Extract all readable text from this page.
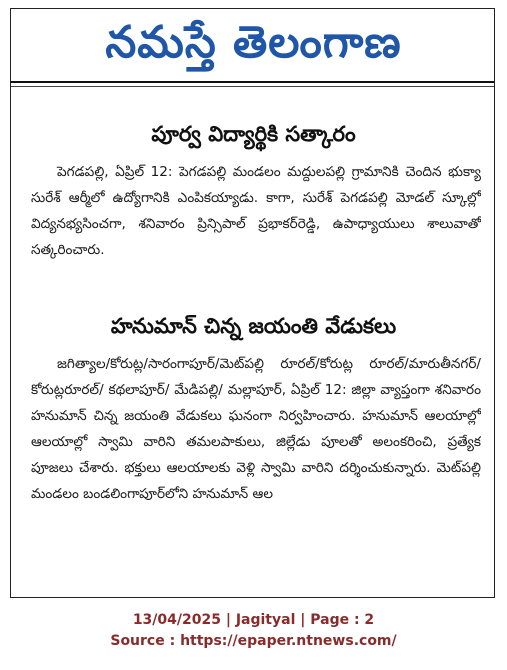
నమస్తే తెలంగాణ
పూర్వ విద్యార్థికి సత్కారం

పెగడపల్లి, ఏప్రిల్ 12: పెగడపల్లి మండలం మద్దులపల్లి గ్రామానికి చెందిన భుక్యా సురేశ్ ఆర్మీలో ఉద్యోగానికి ఎంపికయ్యాడు. కాగా, సురేశ్ పెగడపల్లి మోడల్ స్కూల్లో విద్యనభ్యసించగా, శనివారం ప్రిన్సిపాల్ ప్రభాకర్‌రెడ్డి, ఉపాధ్యాయులు శాలువాతో సత్కరించారు.

హనుమాన్ చిన్న జయంతి వేడుకలు

జగిత్యాల/కోరుట్ల/సారంగాపూర్/మెట్‌పల్లి రూరల్/కోరుట్ల రూరల్/మారుతీనగర్/ కోరుట్లరూరల్/ కథలాపూర్/ మేడిపల్లి/ మల్లాపూర్, ఏప్రిల్ 12: జిల్లా వ్యాప్తంగా శనివారం హనుమాన్ చిన్న జయంతి వేడుకలు ఘనంగా నిర్వహించారు. హనుమాన్ ఆలయాల్లో ఆలయాల్లో స్వామి వారిని తమలపాకులు, జిల్లేడు పూలతో అలంకరించి, ప్రత్యేక పూజలు చేశారు. భక్తులు ఆలయాలకు వెళ్లి స్వామి వారిని దర్శించుకున్నారు. మెట్‌పల్లి మండలం బండలింగాపూర్‌లోని హనుమాన్ ఆల

13/04/2025 | Jagityal | Page : 2
Source : https://epaper.ntnews.com/
